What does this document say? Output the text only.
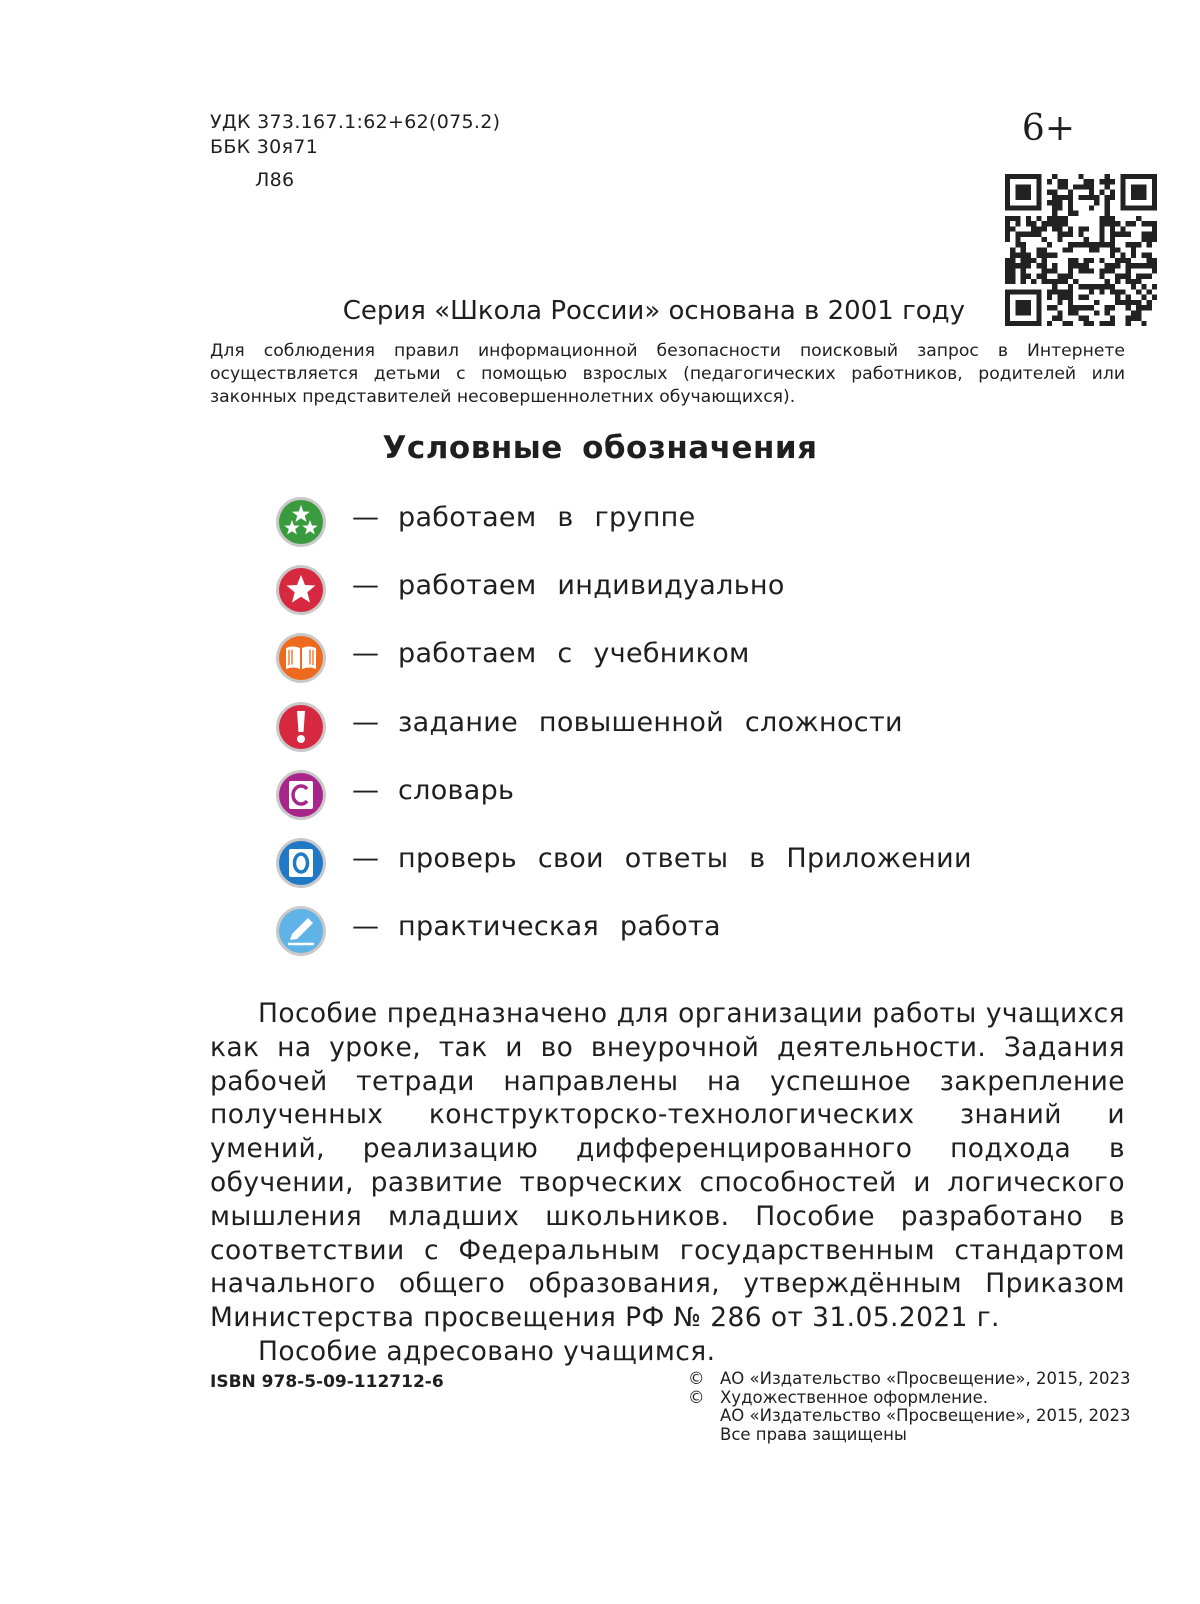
УДК 373.167.1:62+62(075.2)
ББК 30я71
Л86
6+
Серия «Школа России» основана в 2001 году
Для соблюдения правил информационной безопасности поисковый запрос в Интернете осуществляется детьми с помощью взрослых (педагогических работников, родителей или законных представителей несовершеннолетних обучающихся).
Условные обозначения
— работаем в группе
— работаем индивидуально
— работаем с учебником
— задание повышенной сложности
— словарь
— проверь свои ответы в Приложении
— практическая работа

Пособие предназначено для организации работы учащихся как на уроке, так и во внеурочной деятельности. Задания рабочей тетради направлены на успешное закрепление полученных конструкторско-технологических знаний и умений, реализацию дифференцированного подхода в обучении, развитие творческих способностей и логического мышления младших школьников. Пособие разработано в соответствии с Федеральным государственным стандартом начального общего образования, утверждённым Приказом Министерства просвещения РФ № 286 от 31.05.2021 г.

Пособие адресовано учащимся.

ISBN 978-5-09-112712-6	© АО «Издательство «Просвещение», 2015, 2023
© Художественное оформление.
АО «Издательство «Просвещение», 2015, 2023
Все права защищены
